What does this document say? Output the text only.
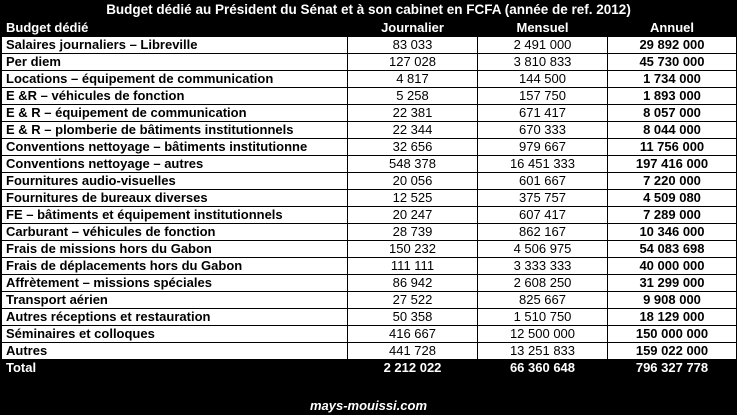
Budget dédié au Président du Sénat et à son cabinet en FCFA (année de ref. 2012)
Budget dédié	Journalier	Mensuel	Annuel
Salaires journaliers – Libreville	83 033	2 491 000	29 892 000
Per diem	127 028	3 810 833	45 730 000
Locations – équipement de communication	4 817	144 500	1 734 000
E &R – véhicules de fonction	5 258	157 750	1 893 000
E & R – équipement de communication	22 381	671 417	8 057 000
E & R – plomberie de bâtiments institutionnels	22 344	670 333	8 044 000
Conventions nettoyage – bâtiments institutionne	32 656	979 667	11 756 000
Conventions nettoyage – autres	548 378	16 451 333	197 416 000
Fournitures audio-visuelles	20 056	601 667	7 220 000
Fournitures de bureaux diverses	12 525	375 757	4 509 080
FE – bâtiments et équipement institutionnels	20 247	607 417	7 289 000
Carburant – véhicules de fonction	28 739	862 167	10 346 000
Frais de missions hors du Gabon	150 232	4 506 975	54 083 698
Frais de déplacements hors du Gabon	111 111	3 333 333	40 000 000
Affrètement – missions spéciales	86 942	2 608 250	31 299 000
Transport aérien	27 522	825 667	9 908 000
Autres réceptions et restauration	50 358	1 510 750	18 129 000
Séminaires et colloques	416 667	12 500 000	150 000 000
Autres	441 728	13 251 833	159 022 000
Total	2 212 022	66 360 648	796 327 778
mays-mouissi.com
